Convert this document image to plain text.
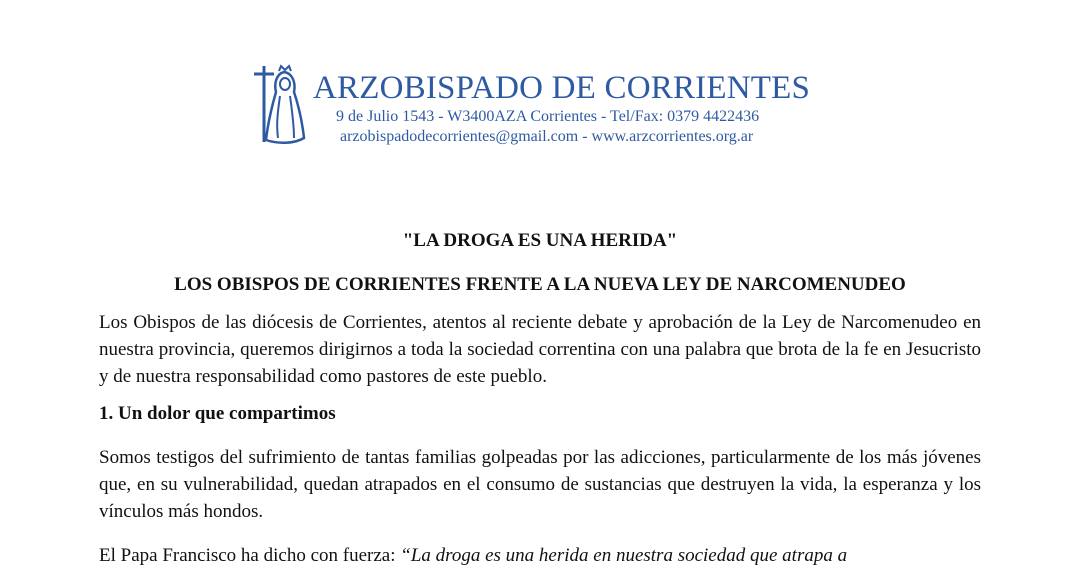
ARZOBISPADO DE CORRIENTES
9 de Julio 1543 - W3400AZA Corrientes - Tel/Fax: 0379 4422436
arzobispadodecorrientes@gmail.com - www.arzcorrientes.org.ar
"LA DROGA ES UNA HERIDA"
LOS OBISPOS DE CORRIENTES FRENTE A LA NUEVA LEY DE NARCOMENUDEO

Los Obispos de las diócesis de Corrientes, atentos al reciente debate y aprobación de la Ley de Narcomenudeo en nuestra provincia, queremos dirigirnos a toda la sociedad correntina con una palabra que brota de la fe en Jesucristo y de nuestra responsabilidad como pastores de este pueblo.

1. Un dolor que compartimos

Somos testigos del sufrimiento de tantas familias golpeadas por las adicciones, particularmente de los más jóvenes que, en su vulnerabilidad, quedan atrapados en el consumo de sustancias que destruyen la vida, la esperanza y los vínculos más hondos.

El Papa Francisco ha dicho con fuerza: “La droga es una herida en nuestra sociedad que atrapa a
